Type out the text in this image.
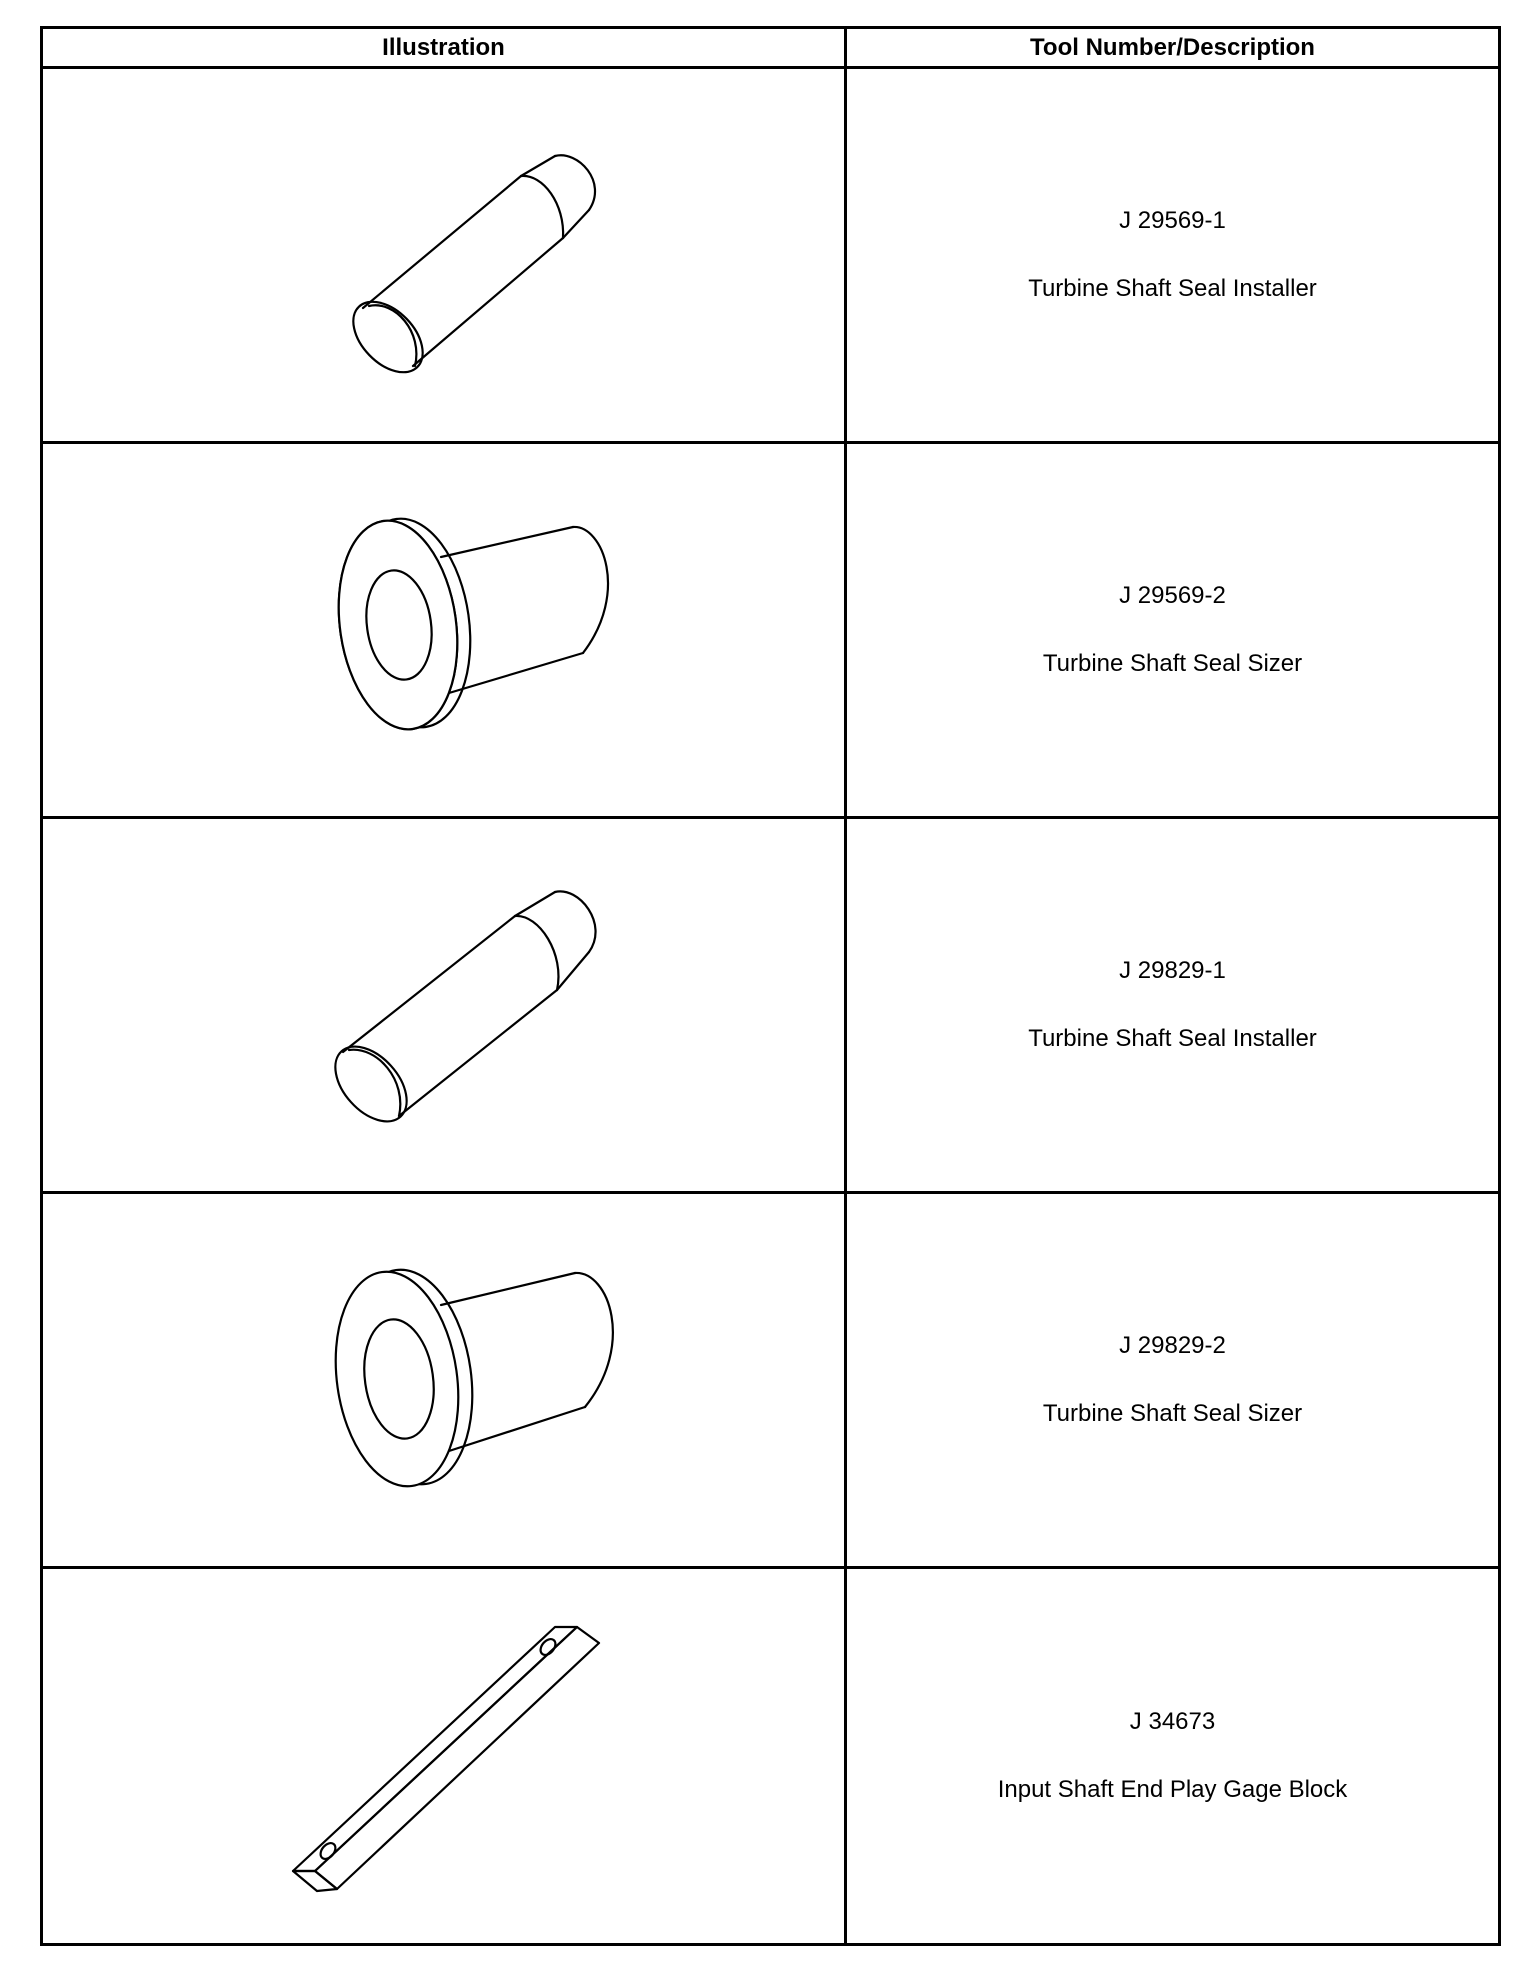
Illustration	Tool Number/Description

J 29569-1
Turbine Shaft Seal Installer

J 29569-2
Turbine Shaft Seal Sizer

J 29829-1
Turbine Shaft Seal Installer

J 29829-2
Turbine Shaft Seal Sizer

J 34673
Input Shaft End Play Gage Block
